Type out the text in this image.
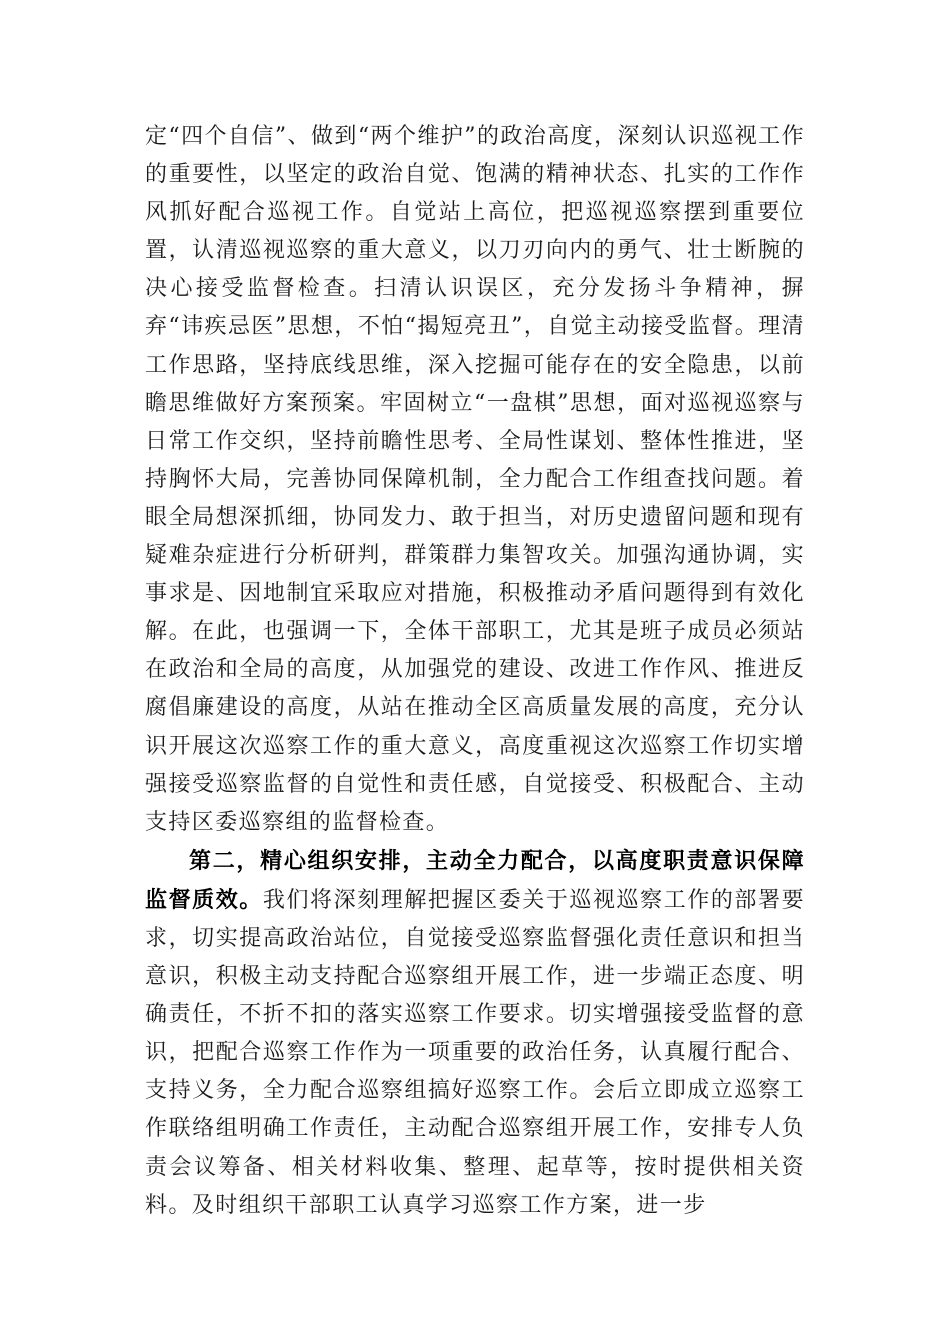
定“四个自信”、做到“两个维护”的政治高度，深刻认识巡视工作的重要性，以坚定的政治自觉、饱满的精神状态、扎实的工作作风抓好配合巡视工作。自觉站上高位，把巡视巡察摆到重要位置，认清巡视巡察的重大意义，以刀刃向内的勇气、壮士断腕的决心接受监督检查。扫清认识误区，充分发扬斗争精神，摒弃“讳疾忌医”思想，不怕“揭短亮丑”，自觉主动接受监督。理清工作思路，坚持底线思维，深入挖掘可能存在的安全隐患，以前瞻思维做好方案预案。牢固树立“一盘棋”思想，面对巡视巡察与日常工作交织，坚持前瞻性思考、全局性谋划、整体性推进，坚持胸怀大局，完善协同保障机制，全力配合工作组查找问题。着眼全局想深抓细，协同发力、敢于担当，对历史遗留问题和现有疑难杂症进行分析研判，群策群力集智攻关。加强沟通协调，实事求是、因地制宜采取应对措施，积极推动矛盾问题得到有效化解。在此，也强调一下，全体干部职工，尤其是班子成员必须站在政治和全局的高度，从加强党的建设、改进工作作风、推进反腐倡廉建设的高度，从站在推动全区高质量发展的高度，充分认识开展这次巡察工作的重大意义，高度重视这次巡察工作切实增强接受巡察监督的自觉性和责任感，自觉接受、积极配合、主动支持区委巡察组的监督检查。

第二，精心组织安排，主动全力配合，以高度职责意识保障监督质效。我们将深刻理解把握区委关于巡视巡察工作的部署要求，切实提高政治站位，自觉接受巡察监督强化责任意识和担当意识，积极主动支持配合巡察组开展工作，进一步端正态度、明确责任，不折不扣的落实巡察工作要求。切实增强接受监督的意识，把配合巡察工作作为一项重要的政治任务，认真履行配合、支持义务，全力配合巡察组搞好巡察工作。会后立即成立巡察工作联络组明确工作责任，主动配合巡察组开展工作，安排专人负责会议筹备、相关材料收集、整理、起草等，按时提供相关资料。及时组织干部职工认真学习巡察工作方案，进一步
